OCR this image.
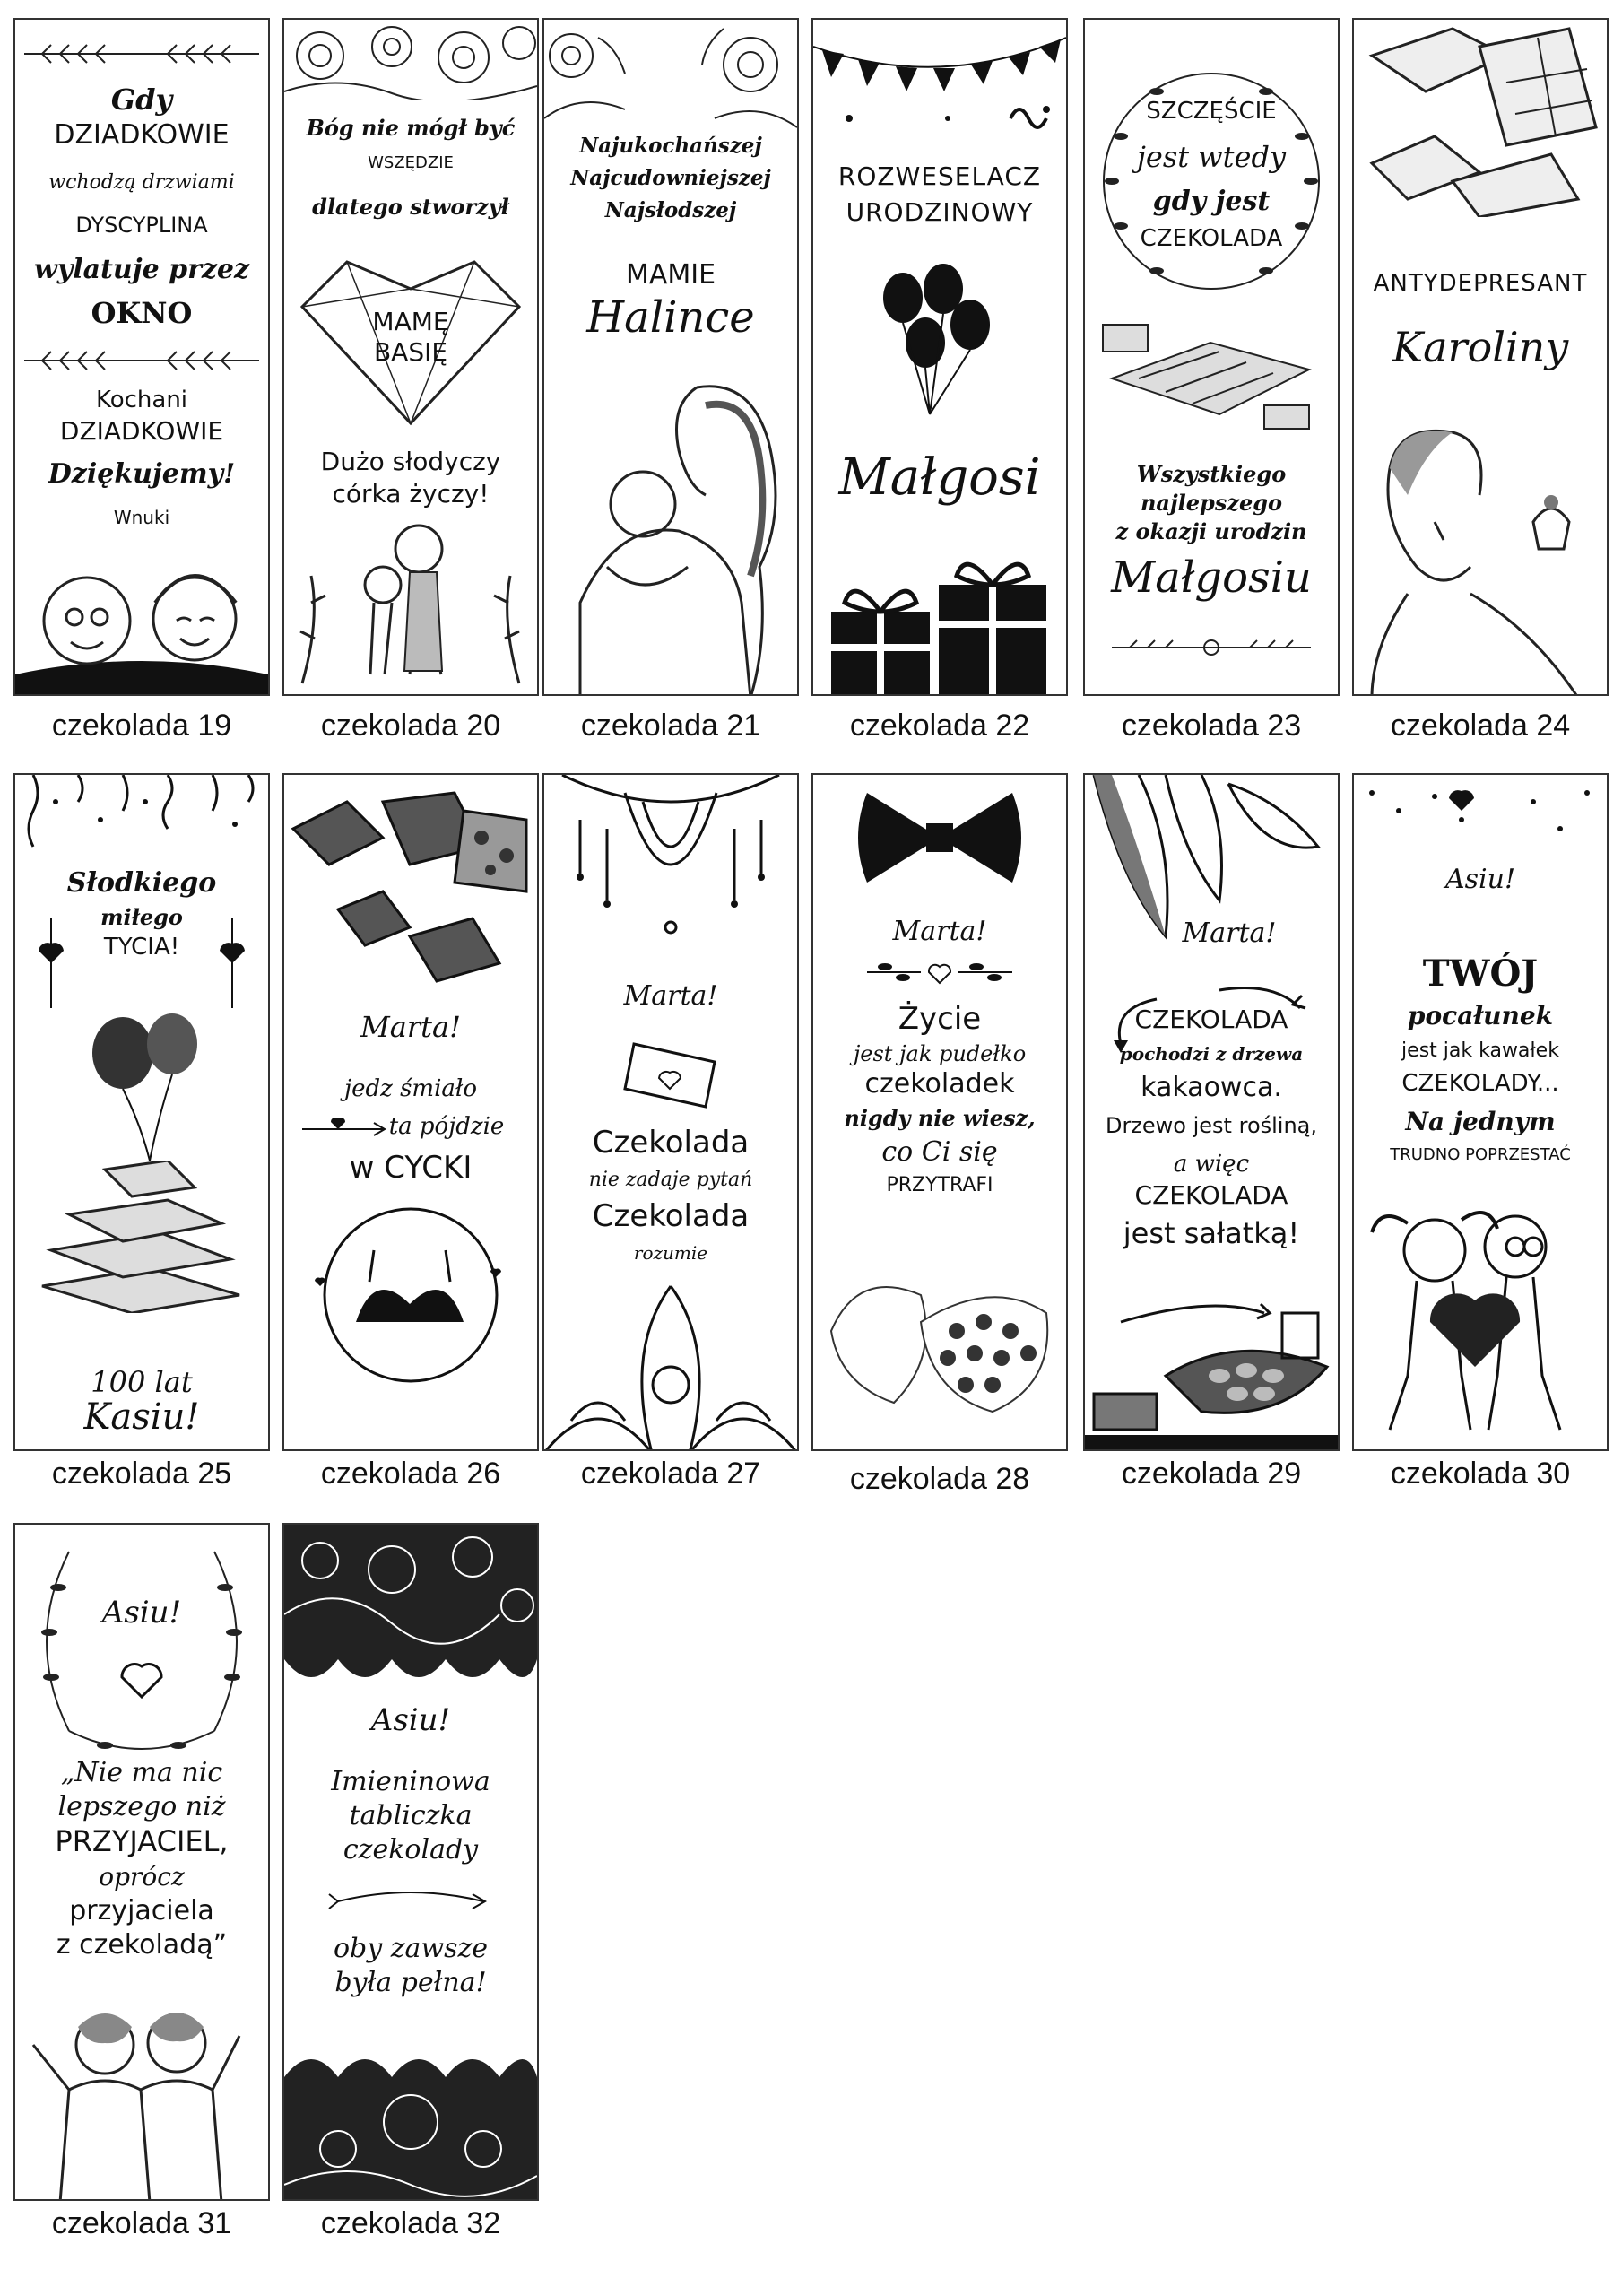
Gdy
DZIADKOWIE
wchodzą drzwiami
DYSCYPLINA
wylatuje przez
OKNO
Kochani
DZIADKOWIE
Dziękujemy!
Wnuki
czekolada 19
Bóg nie mógł być
WSZĘDZIE
dlatego stworzył
MAMĘ
BASIĘ
Dużo słodyczy
córka życzy!
czekolada 20
Najukochańszej
Najcudowniejszej
Najsłodszej
MAMIE
Halince
czekolada 21
ROZWESELACZ
URODZINOWY
Małgosi
czekolada 22
SZCZĘŚCIE
jest wtedy
gdy jest
CZEKOLADA
Wszystkiego
najlepszego
z okazji urodzin
Małgosiu
czekolada 23
ANTYDEPRESANT
Karoliny
czekolada 24
Słodkiego
miłego
TYCIA!
100 lat
Kasiu!
czekolada 25
Marta!
jedz śmiało
ta pójdzie
w CYCKI
czekolada 26
Marta!
Czekolada
nie zadaje pytań
Czekolada
rozumie
czekolada 27
Marta!
Życie
jest jak pudełko
czekoladek
nigdy nie wiesz,
co Ci się
PRZYTRAFI
czekolada 28
Marta!
CZEKOLADA
pochodzi z drzewa
kakaowca.
Drzewo jest rośliną,
a więc
CZEKOLADA
jest sałatką!
czekolada 29
Asiu!
TWÓJ
pocałunek
jest jak kawałek
CZEKOLADY...
Na jednym
TRUDNO POPRZESTAĆ
czekolada 30
Asiu!
„Nie ma nic
lepszego niż
PRZYJACIEL,
oprócz
przyjaciela
z czekoladą”
czekolada 31
Asiu!
Imieninowa
tabliczka
czekolady
oby zawsze
była pełna!
czekolada 32
